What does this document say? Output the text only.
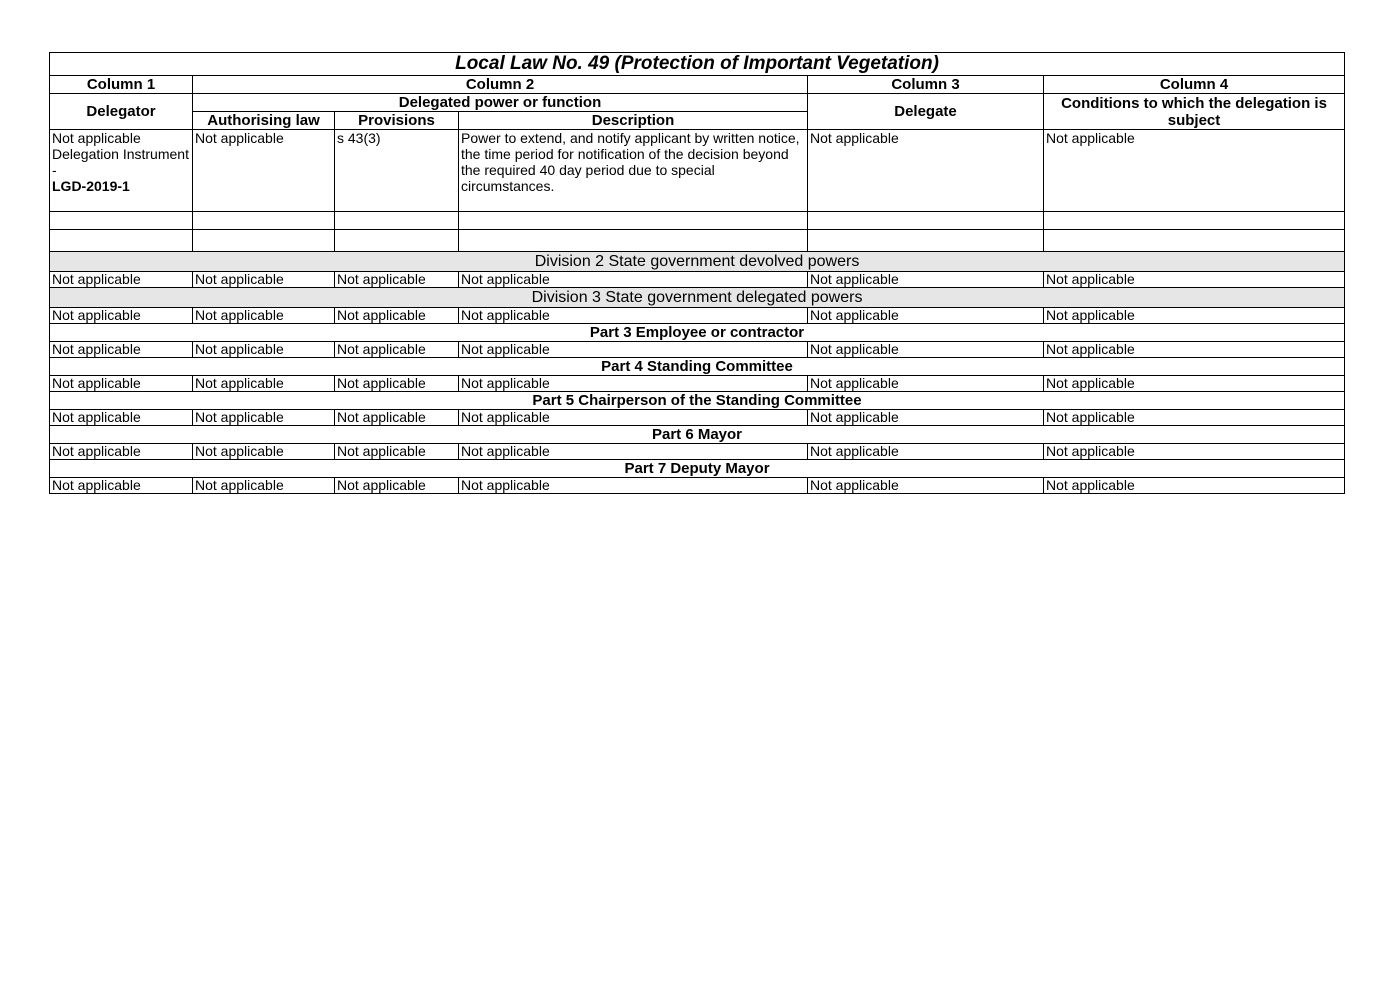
Local Law No. 49 (Protection of Important Vegetation)					
Column 1	Column 2			Column 3	Column 4
Delegator	Delegated power or function			Delegate	Conditions to which the delegation is subject
	Authorising law	Provisions	Description		

Not applicable
Delegation Instrument -
LGD-2019-1	Not applicable	s 43(3)	Power to extend, and notify applicant by written notice, the time period for notification of the decision beyond the required 40 day period due to special circumstances.	Not applicable	Not applicable

Division 2 State government devolved powers					
Not applicable	Not applicable	Not applicable	Not applicable	Not applicable	Not applicable
Division 3 State government delegated powers					
Not applicable	Not applicable	Not applicable	Not applicable	Not applicable	Not applicable
Part 3 Employee or contractor					
Not applicable	Not applicable	Not applicable	Not applicable	Not applicable	Not applicable
Part 4 Standing Committee					
Not applicable	Not applicable	Not applicable	Not applicable	Not applicable	Not applicable
Part 5 Chairperson of the Standing Committee					
Not applicable	Not applicable	Not applicable	Not applicable	Not applicable	Not applicable
Part 6 Mayor					
Not applicable	Not applicable	Not applicable	Not applicable	Not applicable	Not applicable
Part 7 Deputy Mayor					
Not applicable	Not applicable	Not applicable	Not applicable	Not applicable	Not applicable
